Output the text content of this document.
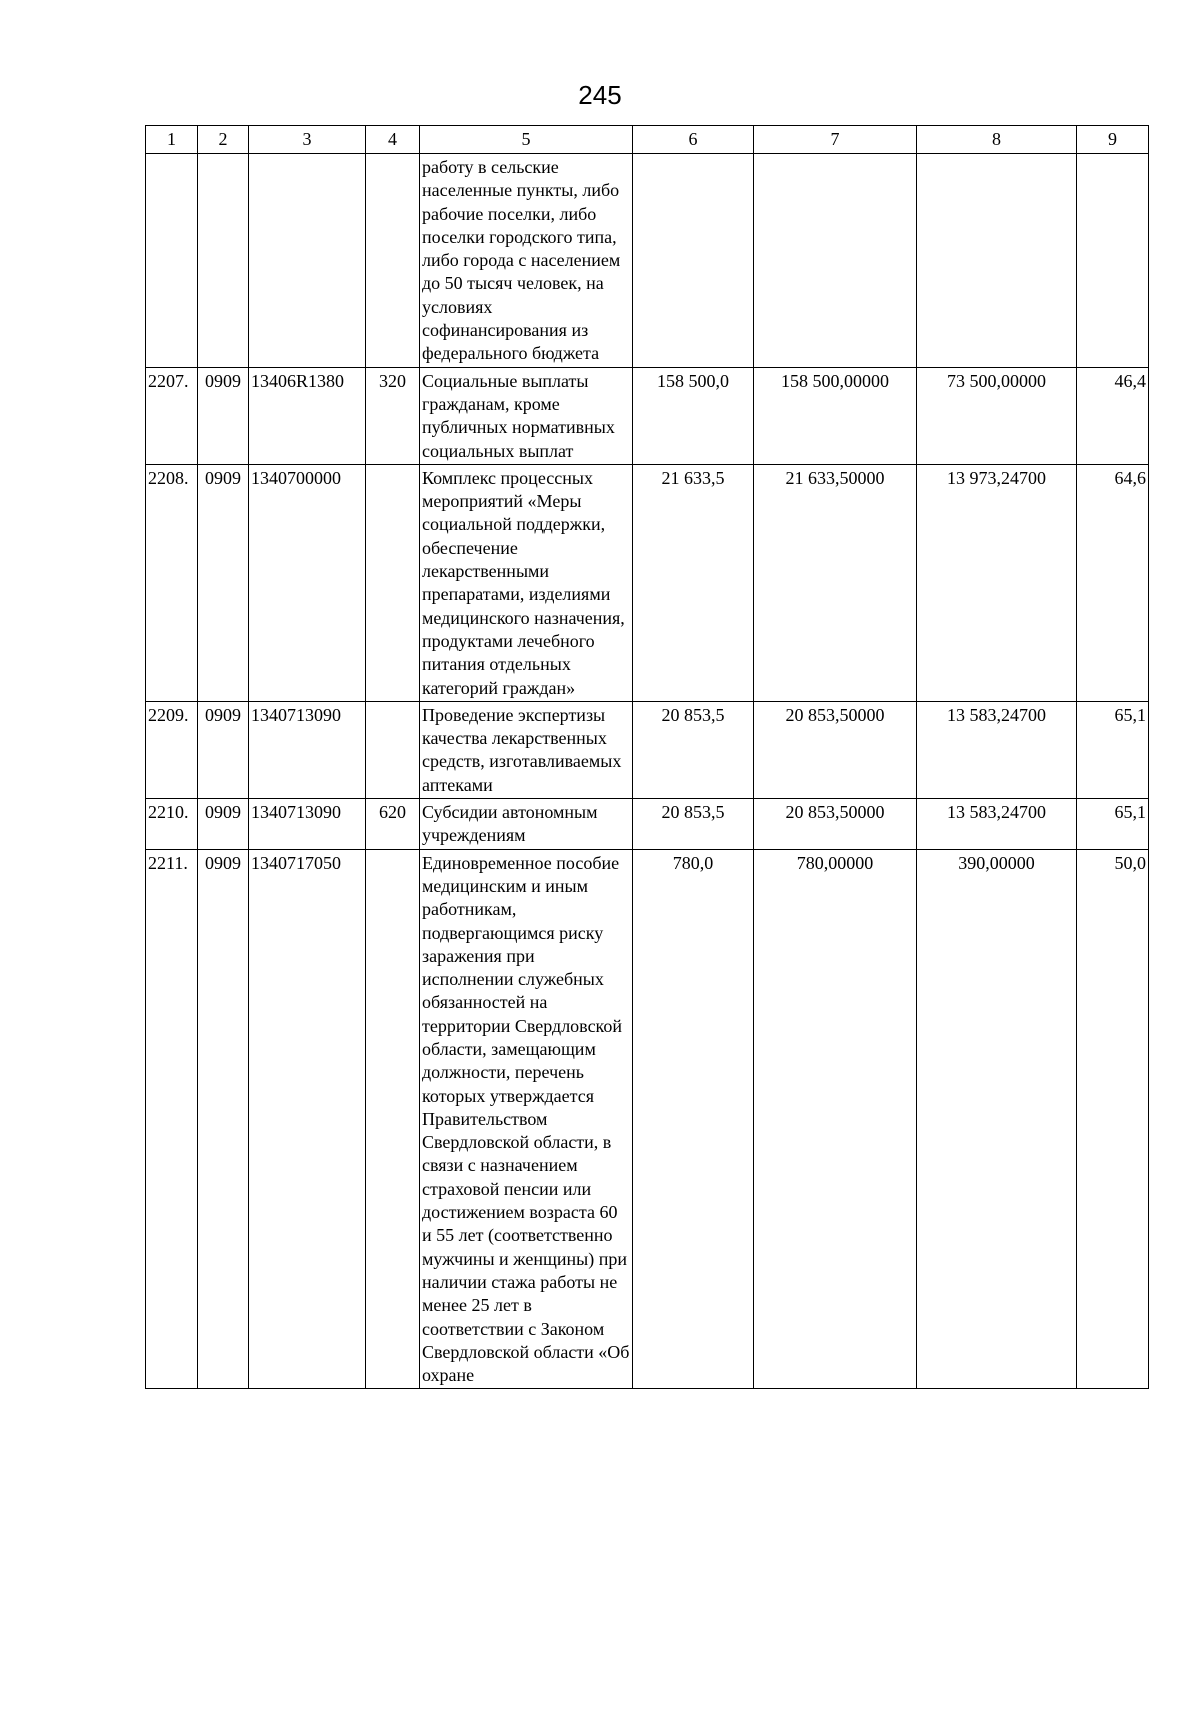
245
1	2	3	4	5	6	7	8	9
				работу в сельские населенные пункты, либо рабочие поселки, либо поселки городского типа, либо города с населением до 50 тысяч человек, на условиях софинансирования из федерального бюджета				
2207.	0909	13406R1380	320	Социальные выплаты гражданам, кроме публичных нормативных социальных выплат	158 500,0	158 500,00000	73 500,00000	46,4
2208.	0909	1340700000		Комплекс процессных мероприятий «Меры социальной поддержки, обеспечение лекарственными препаратами, изделиями медицинского назначения, продуктами лечебного питания отдельных категорий граждан»	21 633,5	21 633,50000	13 973,24700	64,6
2209.	0909	1340713090		Проведение экспертизы качества лекарственных средств, изготавливаемых аптеками	20 853,5	20 853,50000	13 583,24700	65,1
2210.	0909	1340713090	620	Субсидии автономным учреждениям	20 853,5	20 853,50000	13 583,24700	65,1
2211.	0909	1340717050		Единовременное пособие медицинским и иным работникам, подвергающимся риску заражения при исполнении служебных обязанностей на территории Свердловской области, замещающим должности, перечень которых утверждается Правительством Свердловской области, в связи с назначением страховой пенсии или достижением возраста 60 и 55 лет (соответственно мужчины и женщины) при наличии стажа работы не менее 25 лет в соответствии с Законом Свердловской области «Об охране	780,0	780,00000	390,00000	50,0
